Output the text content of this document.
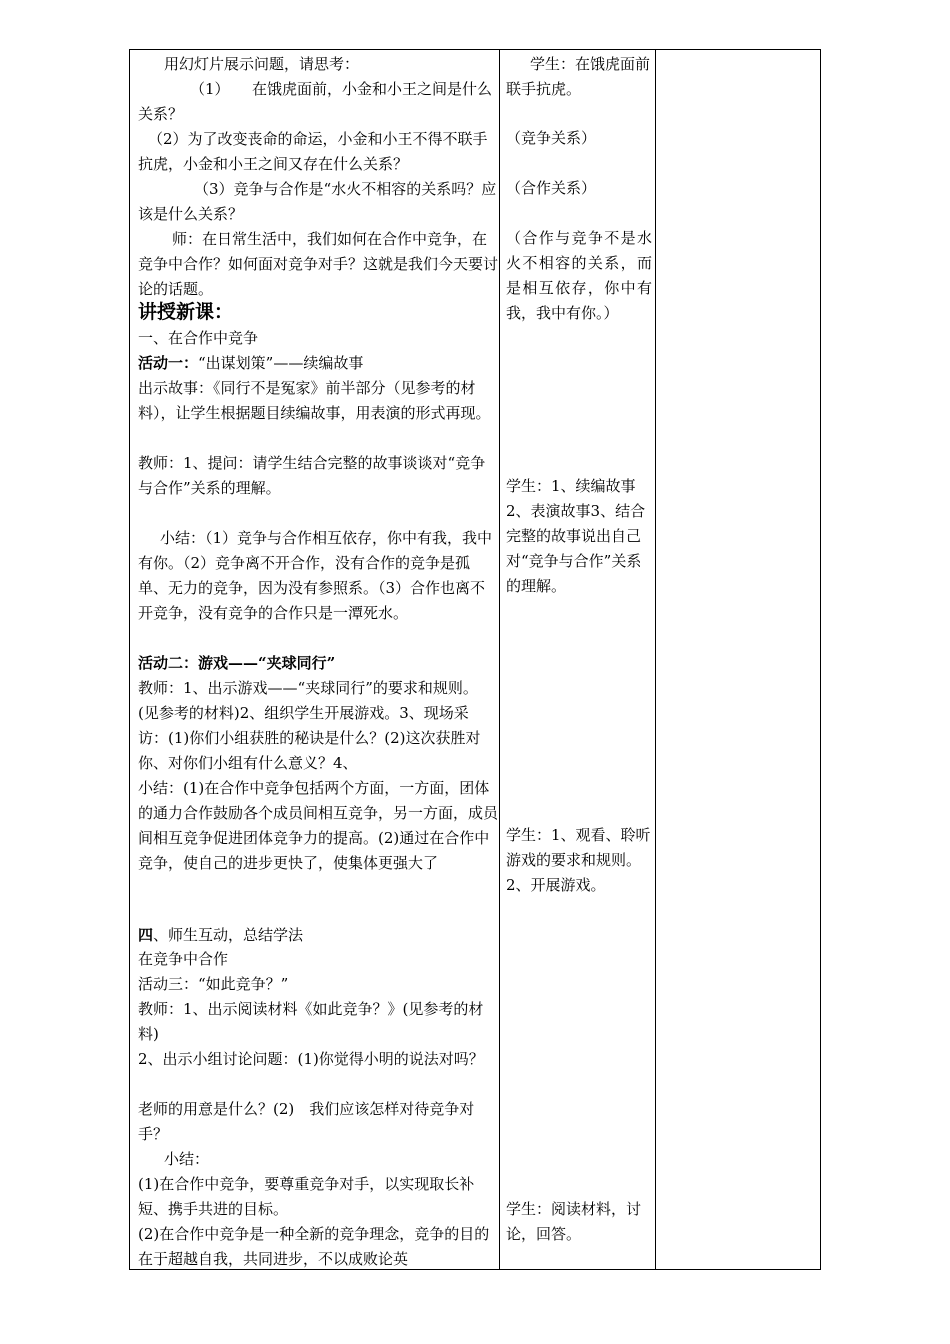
用幻灯片展示问题，请思考：

（1）　　在饿虎面前，小金和小王之间是什么关系？

（2）为了改变丧命的命运，小金和小王不得不联手抗虎，小金和小王之间又存在什么关系？

（3）竞争与合作是“水火不相容的关系吗？应该是什么关系？

师：在日常生活中，我们如何在合作中竞争，在竞争中合作？如何面对竞争对手？这就是我们今天要讨论的话题。

讲授新课：

一、在合作中竞争

活动一：“出谋划策”——续编故事

出示故事：《同行不是冤家》前半部分（见参考的材料），让学生根据题目续编故事，用表演的形式再现。

教师：1、提问：请学生结合完整的故事谈谈对“竞争与合作”关系的理解。

小结：（1）竞争与合作相互依存，你中有我，我中有你。（2）竞争离不开合作，没有合作的竞争是孤单、无力的竞争，因为没有参照系。（3）合作也离不开竞争，没有竞争的合作只是一潭死水。

活动二：游戏——“夹球同行”

教师：1、出示游戏——“夹球同行”的要求和规则。(见参考的材料)2、组织学生开展游戏。3、现场采访：(1)你们小组获胜的秘诀是什么？(2)这次获胜对你、对你们小组有什么意义？4、

小结：(1)在合作中竞争包括两个方面，一方面，团体的通力合作鼓励各个成员间相互竞争，另一方面，成员间相互竞争促进团体竞争力的提高。(2)通过在合作中竞争，使自己的进步更快了，使集体更强大了

四、师生互动，总结学法

在竞争中合作

活动三：“如此竞争？”

教师：1、出示阅读材料《如此竞争？》(见参考的材料)

2、出示小组讨论问题：(1)你觉得小明的说法对吗？

老师的用意是什么？(2)　我们应该怎样对待竞争对手？

小结：

(1)在合作中竞争，要尊重竞争对手，以实现取长补短、携手共进的目标。

(2)在合作中竞争是一种全新的竞争理念，竞争的目的在于超越自我，共同进步，不以成败论英

学生：在饿虎面前联手抗虎。

（竞争关系）

（合作关系）

（合作与竞争不是水火不相容的关系，而是相互依存，你中有我，我中有你。）

学生：1、续编故事2、表演故事3、结合完整的故事说出自己对“竞争与合作”关系的理解。

学生：1、观看、聆听游戏的要求和规则。2、开展游戏。

学生：阅读材料，讨论，回答。
